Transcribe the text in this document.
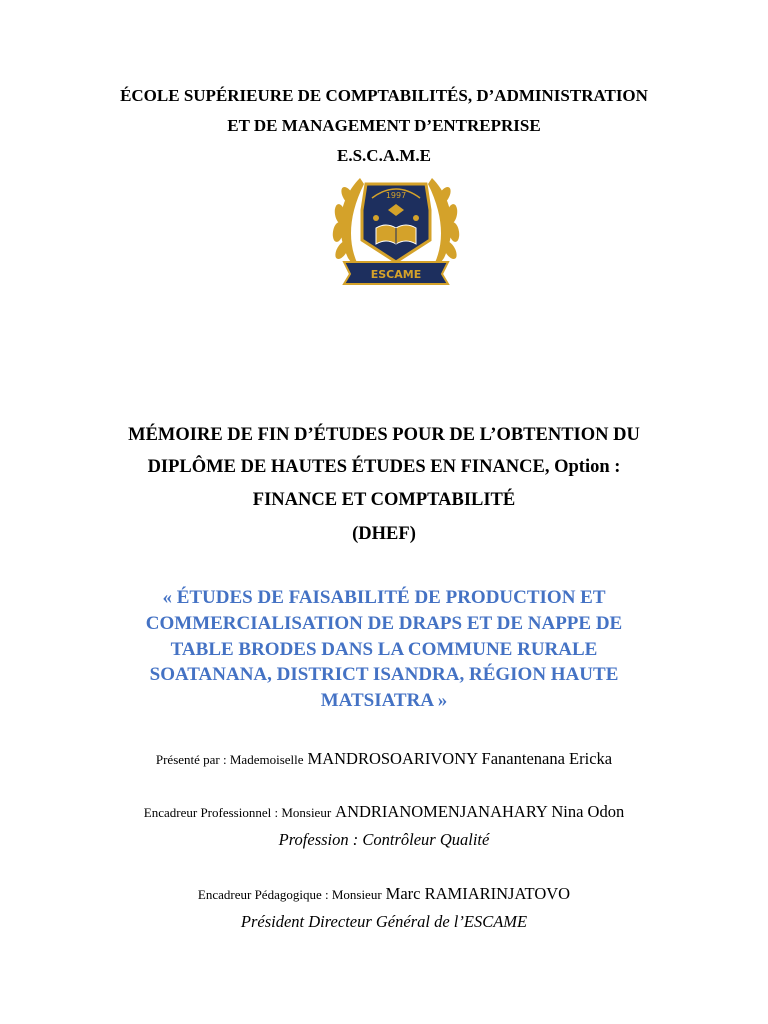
ÉCOLE SUPÉRIEURE DE COMPTABILITÉS, D’ADMINISTRATION
ET DE MANAGEMENT D’ENTREPRISE
E.S.C.A.M.E
1997
ESCAME
MÉMOIRE DE FIN D’ÉTUDES POUR DE L’OBTENTION DU
DIPLÔME DE HAUTES ÉTUDES EN FINANCE, Option :
FINANCE ET COMPTABILITÉ
(DHEF)
« ÉTUDES DE FAISABILITÉ DE PRODUCTION ET
COMMERCIALISATION DE DRAPS ET DE NAPPE DE
TABLE BRODES DANS LA COMMUNE RURALE
SOATANANA, DISTRICT ISANDRA, RÉGION HAUTE
MATSIATRA »
Présenté par : Mademoiselle MANDROSOARIVONY Fanantenana Ericka
Encadreur Professionnel : Monsieur ANDRIANOMENJANAHARY Nina Odon
Profession : Contrôleur Qualité
Encadreur Pédagogique : Monsieur Marc RAMIARINJATOVO
Président Directeur Général de l’ESCAME
